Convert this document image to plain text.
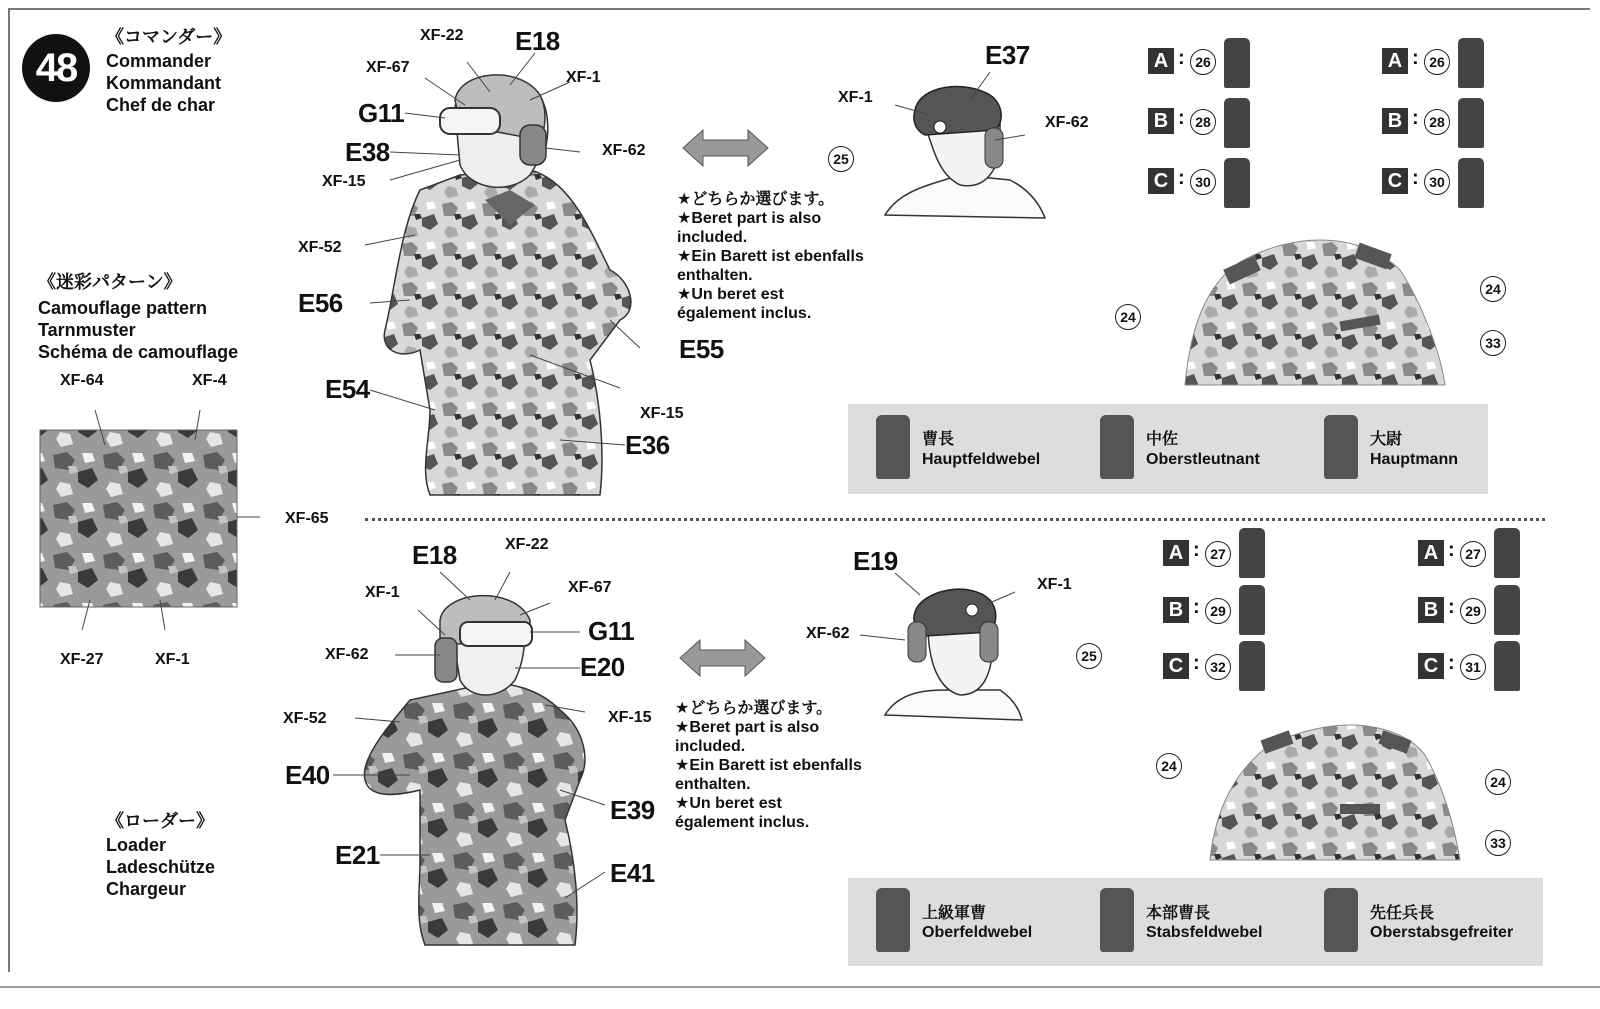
48
《コマンダー》
Commander
Kommandant
Chef de char
《迷彩パターン》
Camouflage pattern
Tarnmuster
Schéma de camouflage
《ローダー》
Loader
Ladeschütze
Chargeur
E18
G11
E38
E56
E54
E55
E36
E37
XF-22
XF-67
XF-1
XF-62
XF-15
XF-52
XF-15
XF-1
XF-62
★どちらか選びます。
★Beret part is also
included.
★Ein Barett ist ebenfalls
enthalten.
★Un beret est
également inclus.
25
24
24
33
A : 26
B : 28
C : 30
A : 26
B : 28
C : 30
曹長
Hauptfeldwebel
中佐
Oberstleutnant
大尉
Hauptmann
XF-64	XF-4
XF-65
XF-27	XF-1
E18
G11
E20
E40
E39
E21
E41
E19
XF-22
XF-1	XF-67
XF-62
XF-52	XF-15
XF-1
XF-62
★どちらか選びます。
★Beret part is also
included.
★Ein Barett ist ebenfalls
enthalten.
★Un beret est
également inclus.
25
24
24
33
A : 27
B : 29
C : 32
A : 27
B : 29
C : 31
上級軍曹
Oberfeldwebel
本部曹長
Stabsfeldwebel
先任兵長
Oberstabsgefreiter
